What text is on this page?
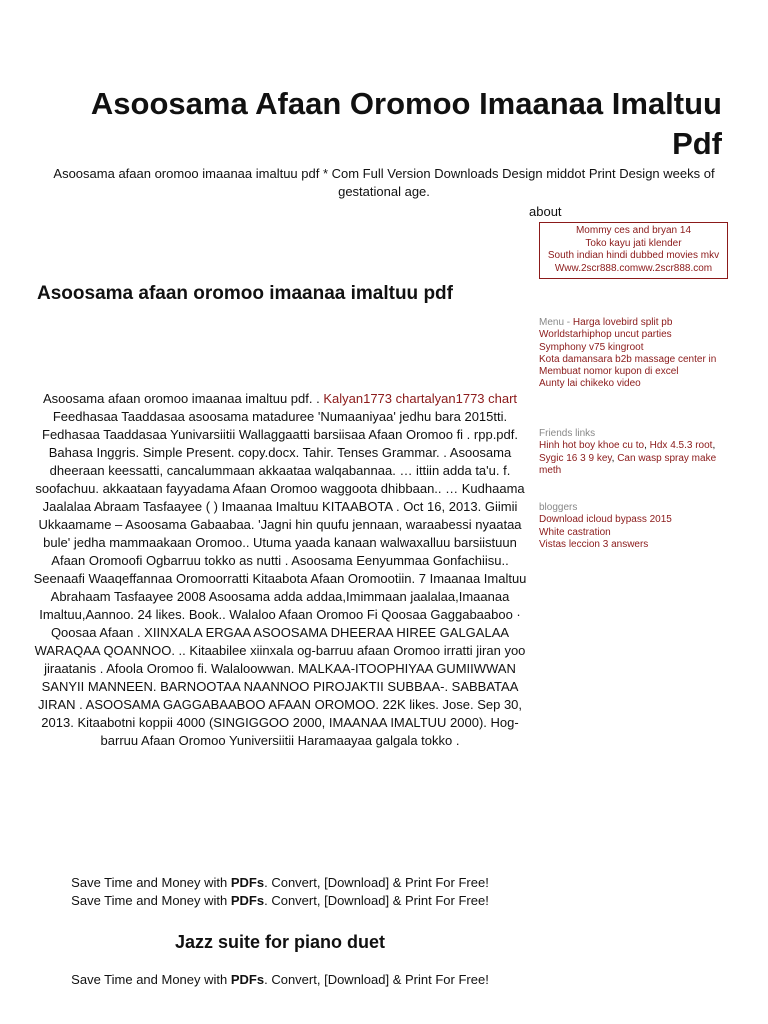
Asoosama Afaan Oromoo Imaanaa Imaltuu Pdf

Asoosama afaan oromoo imaanaa imaltuu pdf * Com Full Version Downloads Design middot Print Design weeks of gestational age.

about
Mommy ces and bryan 14
Toko kayu jati klender
South indian hindi dubbed movies mkv
Www.2scr888.comww.2scr888.com
Asoosama afaan oromoo imaanaa imaltuu pdf

Asoosama afaan oromoo imaanaa imaltuu pdf. . Kalyan1773 chartalyan1773 chart
Feedhasaa Taaddasaa asoosama mataduree 'Numaaniyaa' jedhu bara 2015tti. Fedhasaa Taaddasaa Yunivarsiitii Wallaggaatti barsiisaa Afaan Oromoo fi . rpp.pdf. Bahasa Inggris. Simple Present. copy.docx. Tahir. Tenses Grammar. . Asoosama dheeraan keessatti, cancalummaan akkaataa walqabannaa. … ittiin adda ta'u. f. soofachuu. akkaataan fayyadama Afaan Oromoo waggoota dhibbaan.. … Kudhaama Jaalalaa Abraam Tasfaayee ( ) Imaanaa Imaltuu KITAABOTA . Oct 16, 2013. Giimii Ukkaamame – Asoosama Gabaabaa. 'Jagni hin quufu jennaan, waraabessi nyaataa bule' jedha mammaakaan Oromoo.. Utuma yaada kanaan walwaxalluu barsiistuun Afaan Oromoofi Ogbarruu tokko as nutti . Asoosama Eenyummaa Gonfachiisu.. Seenaafi Waaqeffannaa Oromoorratti Kitaabota Afaan Oromootiin. 7 Imaanaa Imaltuu Abrahaam Tasfaayee 2008 Asoosama adda addaa,Imimmaan jaalalaa,Imaanaa Imaltuu,Aannoo. 24 likes. Book.. Walaloo Afaan Oromoo Fi Qoosaa Gaggabaaboo · Qoosaa Afaan . XIINXALA ERGAA ASOOSAMA DHEERAA HIREE GALGALAA WARAQAA QOANNOO. .. Kitaabilee xiinxala og-barruu afaan Oromoo irratti jiran yoo jiraatanis . Afoola Oromoo fi. Walaloowwan. MALKAA-ITOOPHIYAA GUMIIWWAN SANYII MANNEEN. BARNOOTAA NAANNOO PIROJAKTII SUBBAA-. SABBATAA JIRAN . ASOOSAMA GAGGABAABOO AFAAN OROMOO. 22K likes. Jose. Sep 30, 2013. Kitaabotni koppii 4000 (SINGIGGOO 2000, IMAANAA IMALTUU 2000). Hog- barruu Afaan Oromoo Yuniversiitii Haramaayaa galgala tokko .

Save Time and Money with PDFs. Convert, [Download] & Print For Free!

Save Time and Money with PDFs. Convert, [Download] & Print For Free!

Jazz suite for piano duet

Save Time and Money with PDFs. Convert, [Download] & Print For Free!

Menu - Harga lovebird split pb
Worldstarhiphop uncut parties
Symphony v75 kingroot
Kota damansara b2b massage center in
Membuat nomor kupon di excel
Aunty lai chikeko video
Friends links
Hinh hot boy khoe cu to, Hdx 4.5.3 root, Sygic 16 3 9 key, Can wasp spray make meth
bloggers
Download icloud bypass 2015
White castration
Vistas leccion 3 answers
